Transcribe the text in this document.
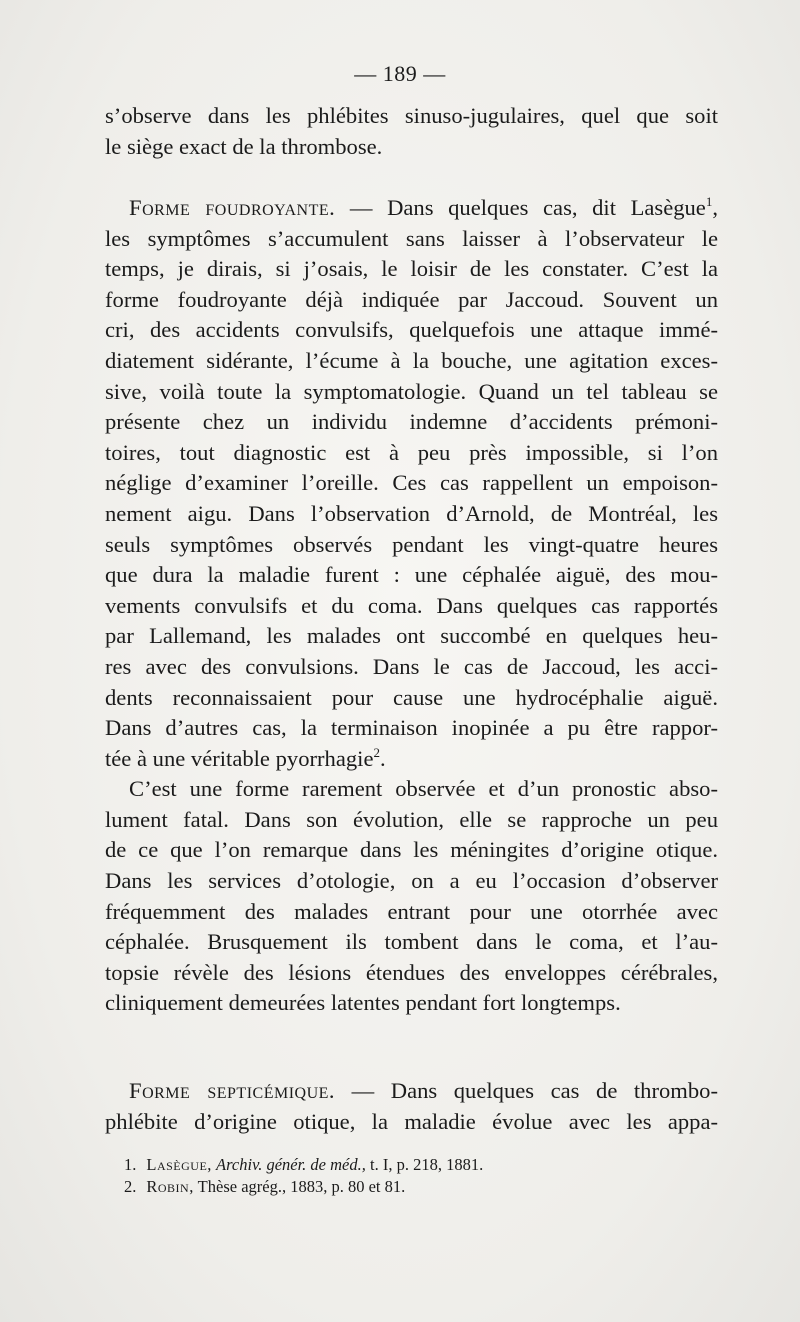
— 189 —
s’observe dans les phlébites sinuso-jugulaires, quel que soit
le siège exact de la thrombose.
Forme foudroyante. — Dans quelques cas, dit Lasègue$^1$,
les symptômes s’accumulent sans laisser à l’observateur le
temps, je dirais, si j’osais, le loisir de les constater. C’est la
forme foudroyante déjà indiquée par Jaccoud. Souvent un
cri, des accidents convulsifs, quelquefois une attaque immé-
diatement sidérante, l’écume à la bouche, une agitation exces-
sive, voilà toute la symptomatologie. Quand un tel tableau se
présente chez un individu indemne d’accidents prémoni-
toires, tout diagnostic est à peu près impossible, si l’on
néglige d’examiner l’oreille. Ces cas rappellent un empoison-
nement aigu. Dans l’observation d’Arnold, de Montréal, les
seuls symptômes observés pendant les vingt-quatre heures
que dura la maladie furent : une céphalée aiguë, des mou-
vements convulsifs et du coma. Dans quelques cas rapportés
par Lallemand, les malades ont succombé en quelques heu-
res avec des convulsions. Dans le cas de Jaccoud, les acci-
dents reconnaissaient pour cause une hydrocéphalie aiguë.
Dans d’autres cas, la terminaison inopinée a pu être rappor-
tée à une véritable pyorrhagie$^2$.
C’est une forme rarement observée et d’un pronostic abso-
lument fatal. Dans son évolution, elle se rapproche un peu
de ce que l’on remarque dans les méningites d’origine otique.
Dans les services d’otologie, on a eu l’occasion d’observer
fréquemment des malades entrant pour une otorrhée avec
céphalée. Brusquement ils tombent dans le coma, et l’au-
topsie révèle des lésions étendues des enveloppes cérébrales,
cliniquement demeurées latentes pendant fort longtemps.
Forme septicémique. — Dans quelques cas de thrombo-
phlébite d’origine otique, la maladie évolue avec les appa-
1. Lasègue, Archiv. génér. de méd., t. I, p. 218, 1881.
2. Robin, Thèse agrég., 1883, p. 80 et 81.
